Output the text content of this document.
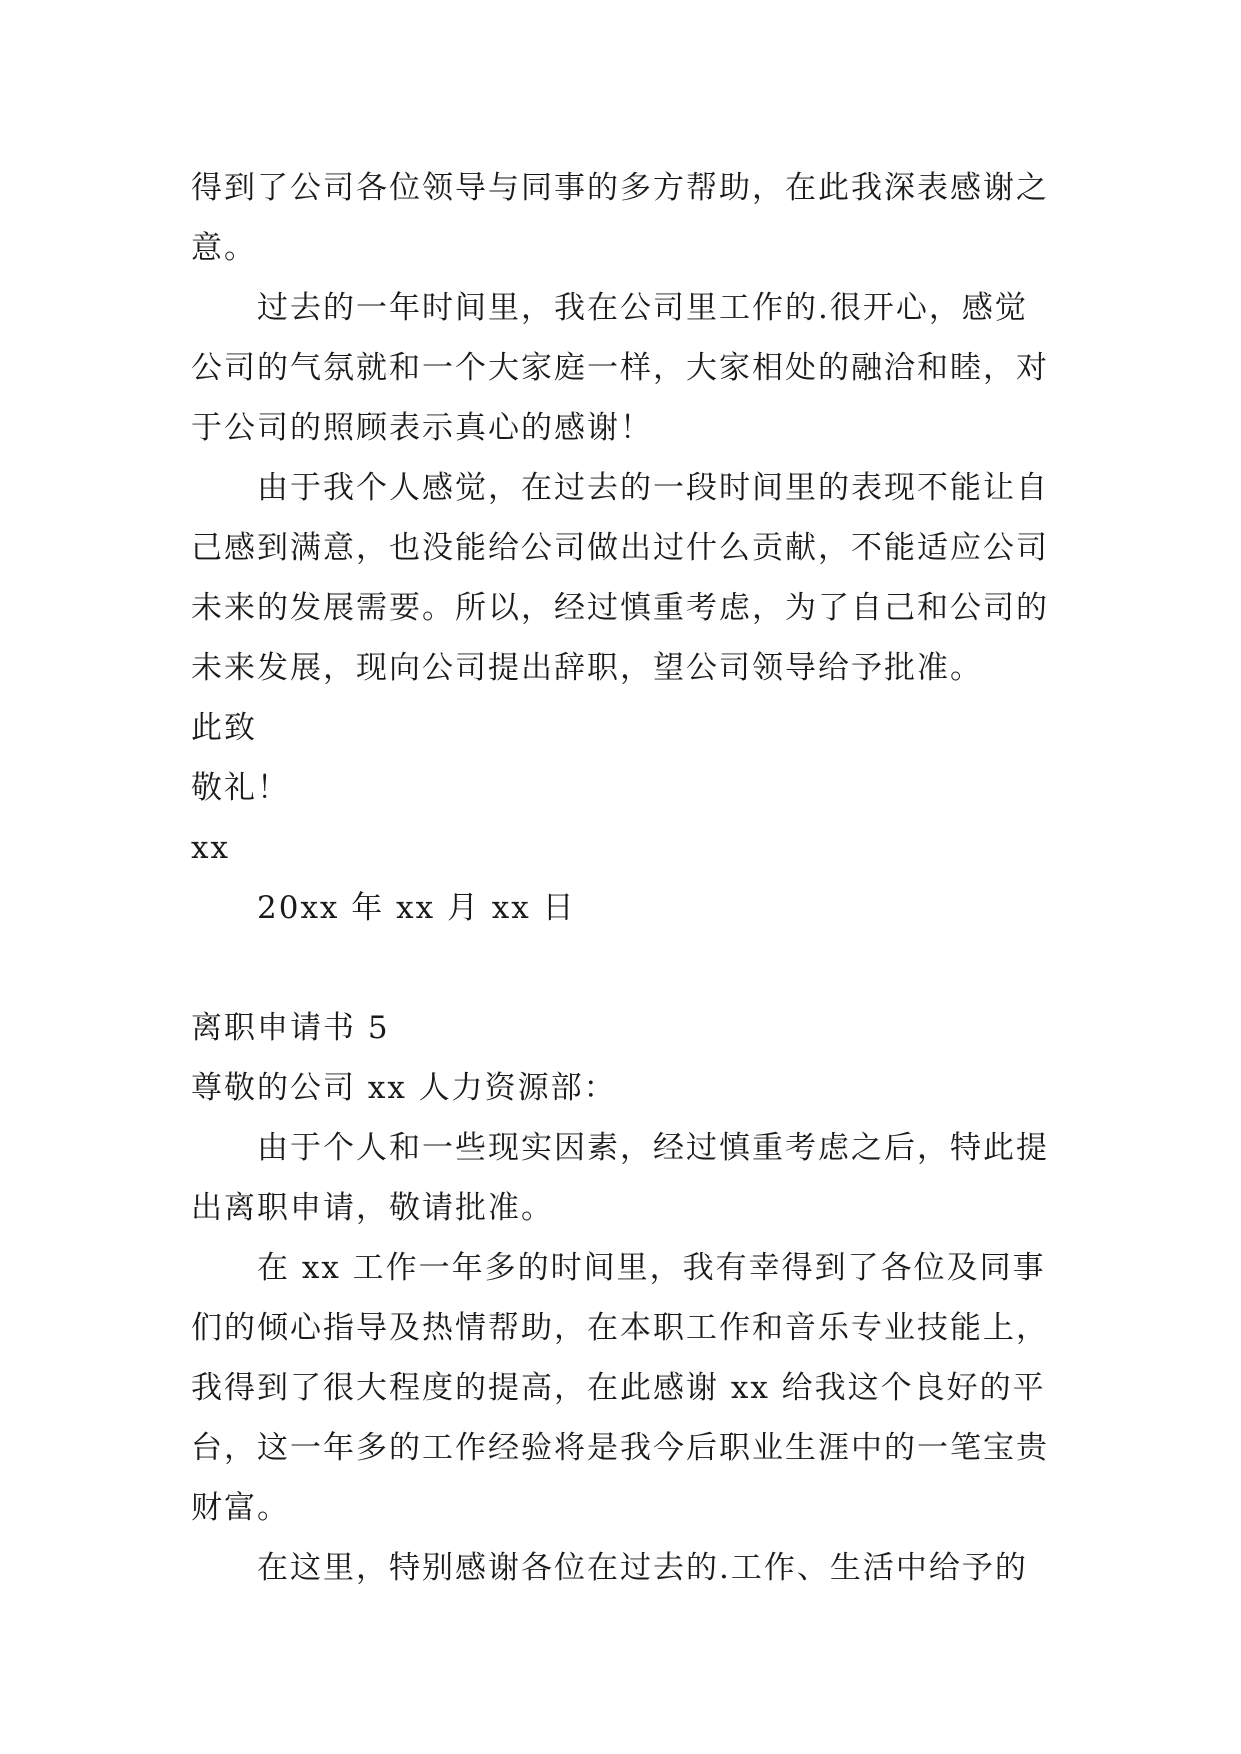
得到了公司各位领导与同事的多方帮助，在此我深表感谢之
意。
过去的一年时间里，我在公司里工作的.很开心，感觉
公司的气氛就和一个大家庭一样，大家相处的融洽和睦，对
于公司的照顾表示真心的感谢！
由于我个人感觉，在过去的一段时间里的表现不能让自
己感到满意，也没能给公司做出过什么贡献，不能适应公司
未来的发展需要。所以，经过慎重考虑，为了自己和公司的
未来发展，现向公司提出辞职，望公司领导给予批准。
此致
敬礼！
xx
20xx 年 xx 月 xx 日
离职申请书 5
尊敬的公司 xx 人力资源部：
由于个人和一些现实因素，经过慎重考虑之后，特此提
出离职申请，敬请批准。
在 xx 工作一年多的时间里，我有幸得到了各位及同事
们的倾心指导及热情帮助，在本职工作和音乐专业技能上，
我得到了很大程度的提高，在此感谢 xx 给我这个良好的平
台，这一年多的工作经验将是我今后职业生涯中的一笔宝贵
财富。
在这里，特别感谢各位在过去的.工作、生活中给予的
